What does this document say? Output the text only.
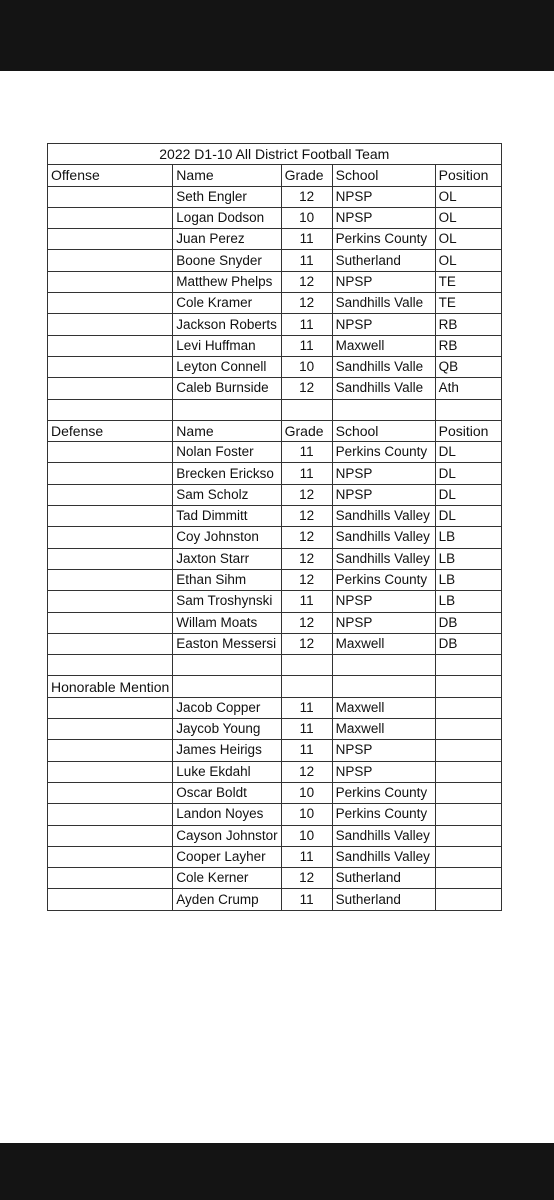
2022 D1-10 All District Football Team				
Offense	Name	Grade	School	Position
	Seth Engler	12	NPSP	OL
	Logan Dodson	10	NPSP	OL
	Juan Perez	11	Perkins County	OL
	Boone Snyder	11	Sutherland	OL
	Matthew Phelps	12	NPSP	TE
	Cole Kramer	12	Sandhills Valle	TE
	Jackson Roberts	11	NPSP	RB
	Levi Huffman	11	Maxwell	RB
	Leyton Connell	10	Sandhills Valle	QB
	Caleb Burnside	12	Sandhills Valle	Ath

Defense	Name	Grade	School	Position
	Nolan Foster	11	Perkins County	DL
	Brecken Erickso	11	NPSP	DL
	Sam Scholz	12	NPSP	DL
	Tad Dimmitt	12	Sandhills Valley	DL
	Coy Johnston	12	Sandhills Valley	LB
	Jaxton Starr	12	Sandhills Valley	LB
	Ethan Sihm	12	Perkins County	LB
	Sam Troshynski	11	NPSP	LB
	Willam Moats	12	NPSP	DB
	Easton Messersi	12	Maxwell	DB

Honorable Mention				
	Jacob Copper	11	Maxwell	
	Jaycob Young	11	Maxwell	
	James Heirigs	11	NPSP	
	Luke Ekdahl	12	NPSP	
	Oscar Boldt	10	Perkins County	
	Landon Noyes	10	Perkins County	
	Cayson Johnstor	10	Sandhills Valley	
	Cooper Layher	11	Sandhills Valley	
	Cole Kerner	12	Sutherland	
	Ayden Crump	11	Sutherland	
